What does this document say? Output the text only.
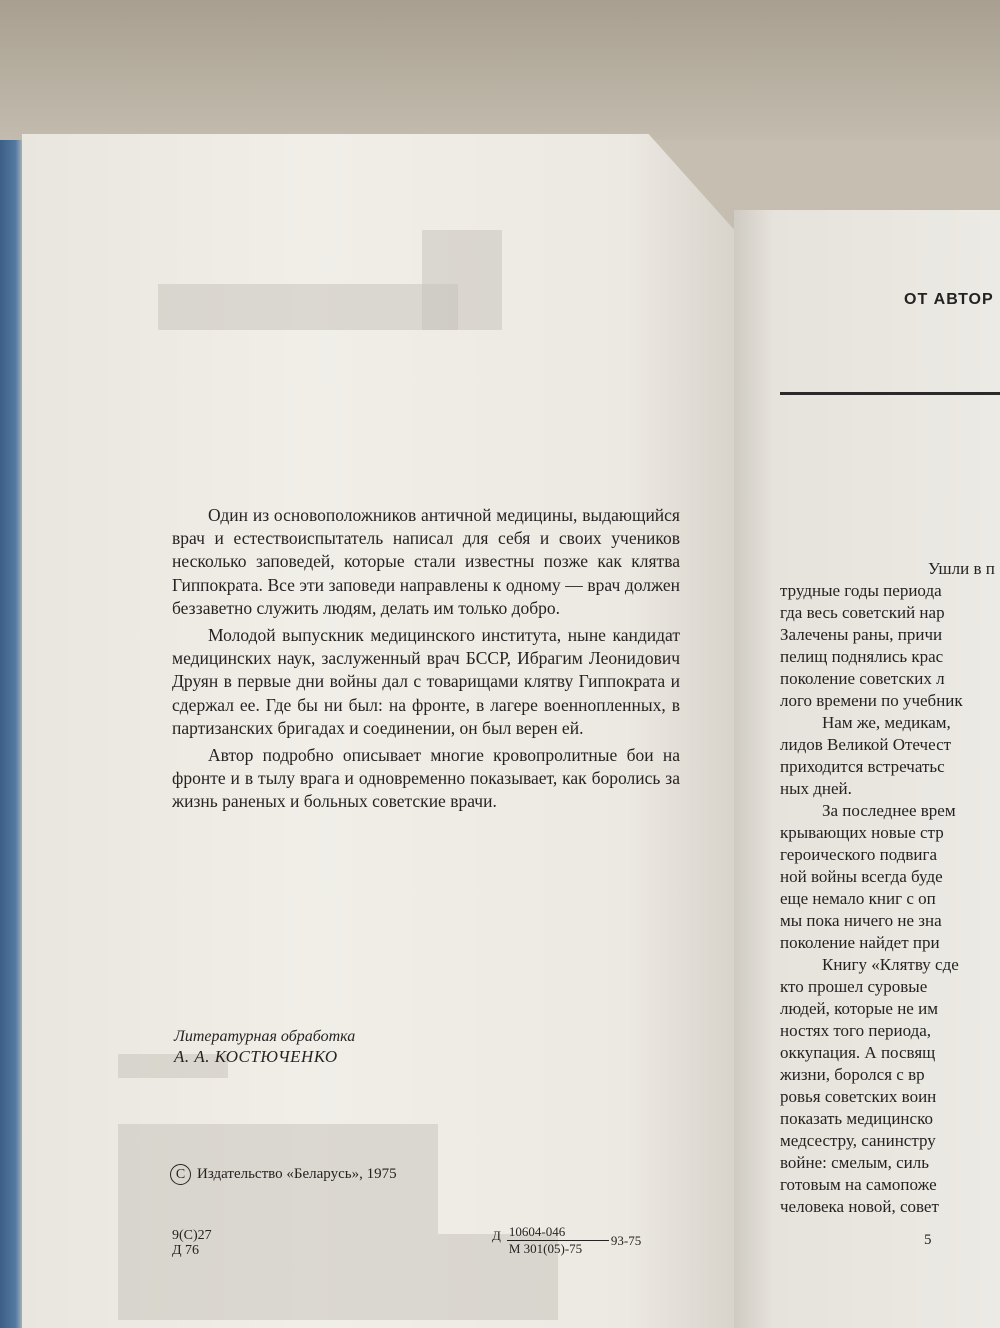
Один из основоположников античной медицины, выдающийся врач и естествоиспытатель написал для себя и своих учеников несколько заповедей, которые стали известны позже как клятва Гиппократа. Все эти заповеди направлены к одному — врач должен беззаветно служить людям, делать им только добро.

Молодой выпускник медицинского института, ныне кандидат медицинских наук, заслуженный врач БССР, Ибрагим Леонидович Друян в первые дни войны дал с товарищами клятву Гиппократа и сдержал ее. Где бы ни был: на фронте, в лагере военнопленных, в партизанских бригадах и соединении, он был верен ей.

Автор подробно описывает многие кровопролитные бои на фронте и в тылу врага и одновременно показывает, как боролись за жизнь раненых и больных советские врачи.

Литературная обработка
А. А. КОСТЮЧЕНКО
C Издательство «Беларусь», 1975
9(С)27
Д 76
Д $\frac{10604-046}{М 301(05)-75} 93-75$
ОТ АВТОР
Ушли в п
трудные годы периода
гда весь советский нар
Залечены раны, причи
пелищ поднялись крас
поколение советских л
лого времени по учебник
Нам же, медикам,
лидов Великой Отечест
приходится встречатьс
ных дней.
За последнее врем
крывающих новые стр
героического подвига
ной войны всегда буде
еще немало книг с оп
мы пока ничего не зна
поколение найдет при
Книгу «Клятву сде
кто прошел суровые
людей, которые не им
ностях того периода,
оккупация. А посвящ
жизни, боролся с вр
ровья советских воин
показать медицинско
медсестру, санинстру
войне: смелым, силь
готовым на самопоже
человека новой, совет
5
